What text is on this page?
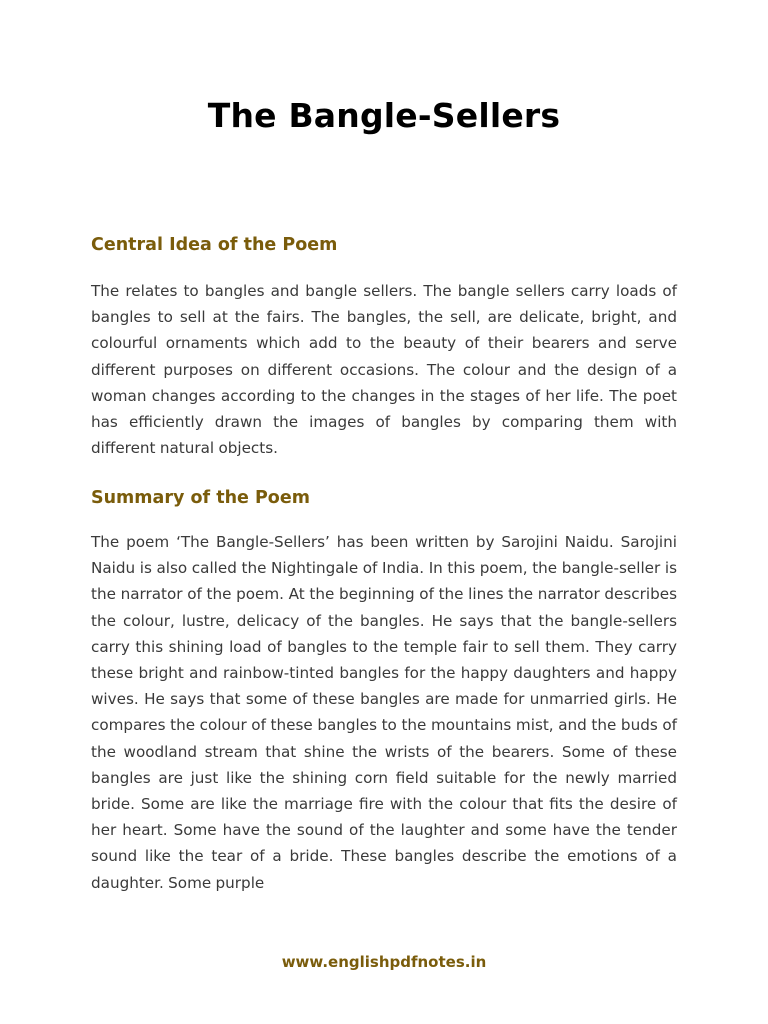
The Bangle-Sellers
Central Idea of the Poem

The relates to bangles and bangle sellers. The bangle sellers carry loads of bangles to sell at the fairs. The bangles, the sell, are delicate, bright, and colourful ornaments which add to the beauty of their bearers and serve different purposes on different occasions. The colour and the design of a woman changes according to the changes in the stages of her life. The poet has efficiently drawn the images of bangles by comparing them with different natural objects.

Summary of the Poem

The poem ‘The Bangle-Sellers’ has been written by Sarojini Naidu. Sarojini Naidu is also called the Nightingale of India. In this poem, the bangle-seller is the narrator of the poem. At the beginning of the lines the narrator describes the colour, lustre, delicacy of the bangles. He says that the bangle-sellers carry this shining load of bangles to the temple fair to sell them. They carry these bright and rainbow-tinted bangles for the happy daughters and happy wives. He says that some of these bangles are made for unmarried girls. He compares the colour of these bangles to the mountains mist, and the buds of the woodland stream that shine the wrists of the bearers. Some of these bangles are just like the shining corn field suitable for the newly married bride. Some are like the marriage fire with the colour that fits the desire of her heart. Some have the sound of the laughter and some have the tender sound like the tear of a bride. These bangles describe the emotions of a daughter. Some purple

www.englishpdfnotes.in
